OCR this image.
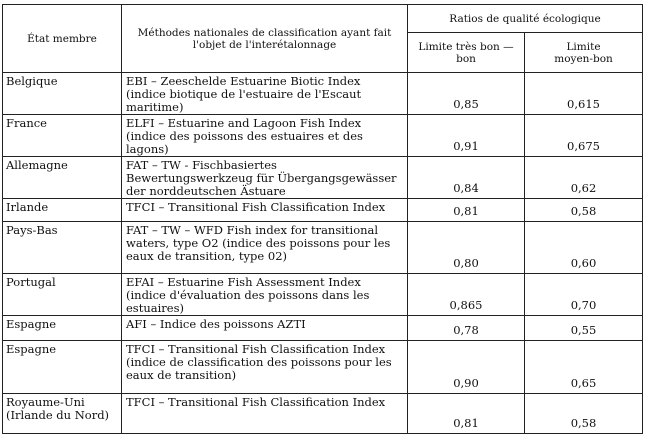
État membre	Méthodes nationales de classification ayant fait l'objet de l'interétalonnage	Ratios de qualité écologique	
		Limite très bon — bon	Limite moyen-bon
Belgique	EBI – Zeeschelde Estuarine Biotic Index (indice biotique de l'estuaire de l'Escaut maritime)	0,85	0,615
France	ELFI – Estuarine and Lagoon Fish Index (indice des poissons des estuaires et des lagons)	0,91	0,675
Allemagne	FAT – TW - Fischbasiertes Bewertungswerkzeug für Übergangsgewässer der norddeutschen Ästuare	0,84	0,62
Irlande	TFCI – Transitional Fish Classification Index	0,81	0,58
Pays-Bas	FAT – TW – WFD Fish index for transitional waters, type O2 (indice des poissons pour les eaux de transition, type 02)	0,80	0,60
Portugal	EFAI – Estuarine Fish Assessment Index (indice d'évaluation des poissons dans les estuaires)	0,865	0,70
Espagne	AFI – Indice des poissons AZTI	0,78	0,55
Espagne	TFCI – Transitional Fish Classification Index (indice de classification des poissons pour les eaux de transition)	0,90	0,65
Royaume-Uni (Irlande du Nord)	TFCI – Transitional Fish Classification Index	0,81	0,58
